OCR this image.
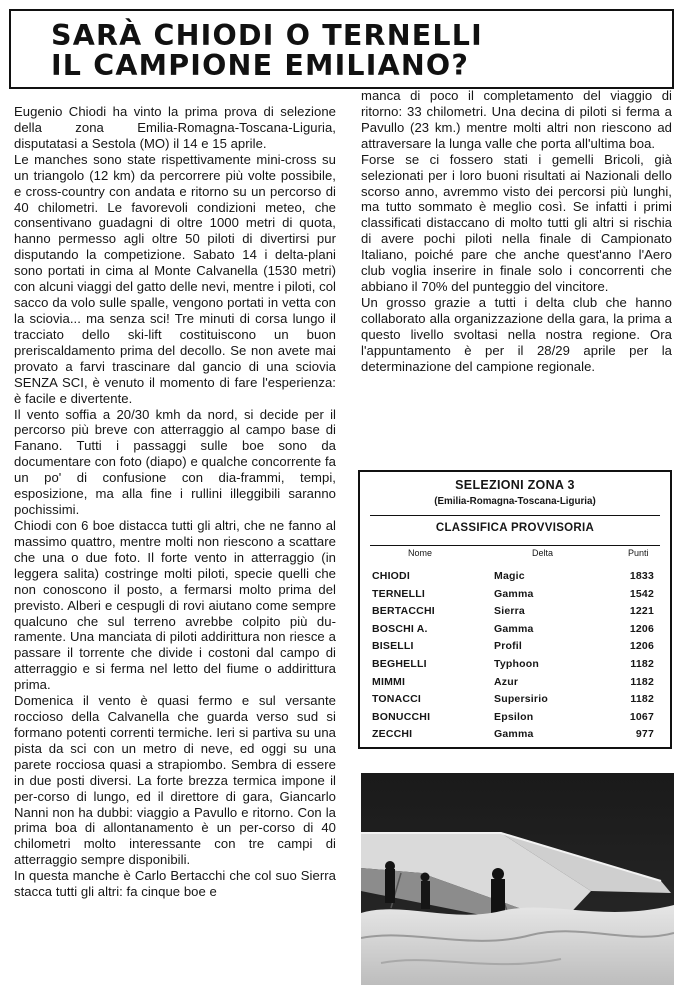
SARÀ CHIODI O TERNELLI
IL CAMPIONE EMILIANO?

Eugenio Chiodi ha vinto la prima prova di selezione della zona Emilia-Romagna-Toscana-Liguria, disputatasi a Sestola (MO) il 14 e 15 aprile.

Le manches sono state rispettivamente mini-cross su un triangolo (12 km) da percorrere più volte possibile, e cross-country con andata e ritorno su un percorso di 40 chilometri. Le favorevoli condizioni meteo, che consentivano guadagni di oltre 1000 metri di quota, hanno permesso agli oltre 50 piloti di divertirsi pur disputando la competizione. Sabato 14 i delta-plani sono portati in cima al Monte Calvanella (1530 metri) con alcuni viaggi del gatto delle nevi, mentre i piloti, col sacco da volo sulle spalle, vengono portati in vetta con la sciovia... ma senza sci! Tre minuti di corsa lungo il tracciato dello ski-lift costituiscono un buon preriscaldamento prima del decollo. Se non avete mai provato a farvi trascinare dal gancio di una sciovia SENZA SCI, è venuto il momento di fare l'esperienza: è facile e divertente.

Il vento soffia a 20/30 kmh da nord, si decide per il percorso più breve con atterraggio al campo base di Fanano. Tutti i passaggi sulle boe sono da documentare con foto (diapo) e qualche concorrente fa un po' di confusione con dia-frammi, tempi, esposizione, ma alla fine i rullini illeggibili saranno pochissimi.

Chiodi con 6 boe distacca tutti gli altri, che ne fanno al massimo quattro, mentre molti non riescono a scattare che una o due foto. Il forte vento in atterraggio (in leggera salita) costringe molti piloti, specie quelli che non conoscono il posto, a fermarsi molto prima del previsto. Alberi e cespugli di rovi aiutano come sempre qualcuno che sul terreno avrebbe colpito più du-ramente. Una manciata di piloti addirittura non riesce a passare il torrente che divide i costoni dal campo di atterraggio e si ferma nel letto del fiume o addirittura prima.

Domenica il vento è quasi fermo e sul versante roccioso della Calvanella che guarda verso sud si formano potenti correnti termiche. Ieri si partiva su una pista da sci con un metro di neve, ed oggi su una parete rocciosa quasi a strapiombo. Sembra di essere in due posti diversi. La forte brezza termica impone il per-corso di lungo, ed il direttore di gara, Giancarlo Nanni non ha dubbi: viaggio a Pavullo e ritorno. Con la prima boa di allontanamento è un per-corso di 40 chilometri molto interessante con tre campi di atterraggio sempre disponibili.

In questa manche è Carlo Bertacchi che col suo Sierra stacca tutti gli altri: fa cinque boe e

manca di poco il completamento del viaggio di ritorno: 33 chilometri. Una decina di piloti si ferma a Pavullo (23 km.) mentre molti altri non riescono ad attraversare la lunga valle che porta all'ultima boa.

Forse se ci fossero stati i gemelli Bricoli, già selezionati per i loro buoni risultati ai Nazionali dello scorso anno, avremmo visto dei percorsi più lunghi, ma tutto sommato è meglio così. Se infatti i primi classificati distaccano di molto tutti gli altri si rischia di avere pochi piloti nella finale di Campionato Italiano, poiché pare che anche quest'anno l'Aero club voglia inserire in finale solo i concorrenti che abbiano il 70% del punteggio del vincitore.

Un grosso grazie a tutti i delta club che hanno collaborato alla organizzazione della gara, la prima a questo livello svoltasi nella nostra regione. Ora l'appuntamento è per il 28/29 aprile per la determinazione del campione regionale.

SELEZIONI ZONA 3
(Emilia-Romagna-Toscana-Liguria)
CLASSIFICA PROVVISORIA
Nome	Delta	Punti
CHIODI	Magic	1833
TERNELLI	Gamma	1542
BERTACCHI	Sierra	1221
BOSCHI A.	Gamma	1206
BISELLI	Profil	1206
BEGHELLI	Typhoon	1182
MIMMI	Azur	1182
TONACCI	Supersirio	1182
BONUCCHI	Epsilon	1067
ZECCHI	Gamma	977
